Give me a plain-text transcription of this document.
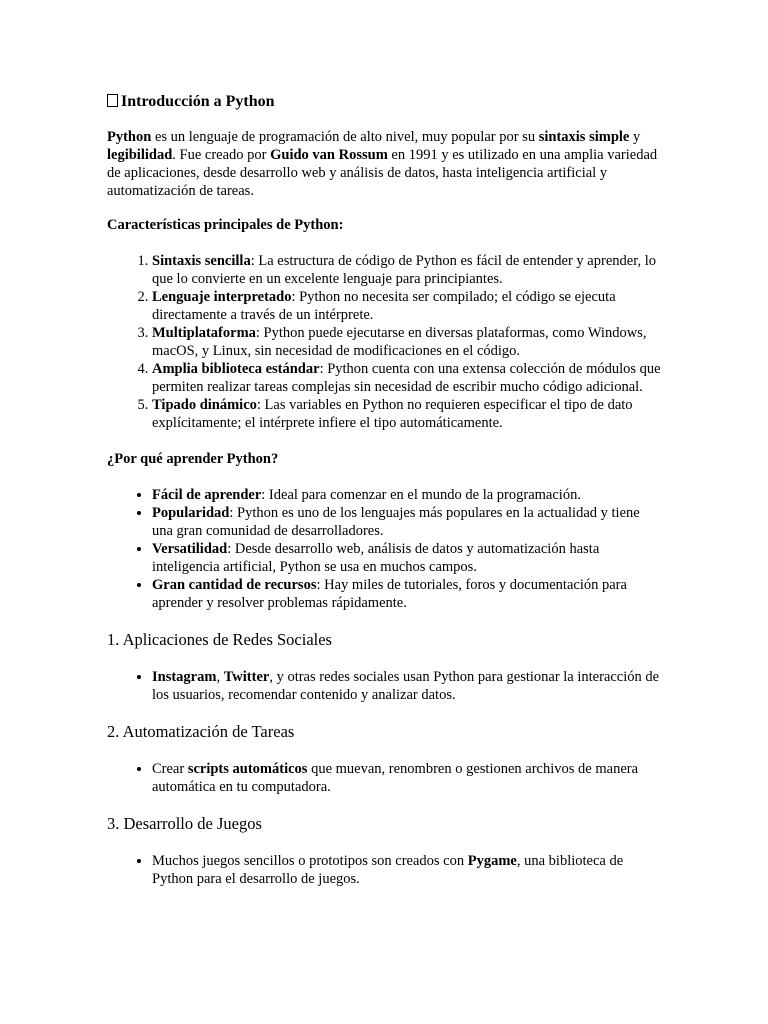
Introducción a Python

Python es un lenguaje de programación de alto nivel, muy popular por su sintaxis simple y legibilidad. Fue creado por Guido van Rossum en 1991 y es utilizado en una amplia variedad de aplicaciones, desde desarrollo web y análisis de datos, hasta inteligencia artificial y automatización de tareas.

Características principales de Python:

1. Sintaxis sencilla: La estructura de código de Python es fácil de entender y aprender, lo que lo convierte en un excelente lenguaje para principiantes.
2. Lenguaje interpretado: Python no necesita ser compilado; el código se ejecuta directamente a través de un intérprete.
3. Multiplataforma: Python puede ejecutarse en diversas plataformas, como Windows, macOS, y Linux, sin necesidad de modificaciones en el código.
4. Amplia biblioteca estándar: Python cuenta con una extensa colección de módulos que permiten realizar tareas complejas sin necesidad de escribir mucho código adicional.
5. Tipado dinámico: Las variables en Python no requieren especificar el tipo de dato explícitamente; el intérprete infiere el tipo automáticamente.

¿Por qué aprender Python?

• Fácil de aprender: Ideal para comenzar en el mundo de la programación.
• Popularidad: Python es uno de los lenguajes más populares en la actualidad y tiene una gran comunidad de desarrolladores.
• Versatilidad: Desde desarrollo web, análisis de datos y automatización hasta inteligencia artificial, Python se usa en muchos campos.
• Gran cantidad de recursos: Hay miles de tutoriales, foros y documentación para aprender y resolver problemas rápidamente.
1. Aplicaciones de Redes Sociales
• Instagram, Twitter, y otras redes sociales usan Python para gestionar la interacción de los usuarios, recomendar contenido y analizar datos.
2. Automatización de Tareas
• Crear scripts automáticos que muevan, renombren o gestionen archivos de manera automática en tu computadora.
3. Desarrollo de Juegos
• Muchos juegos sencillos o prototipos son creados con Pygame, una biblioteca de Python para el desarrollo de juegos.
